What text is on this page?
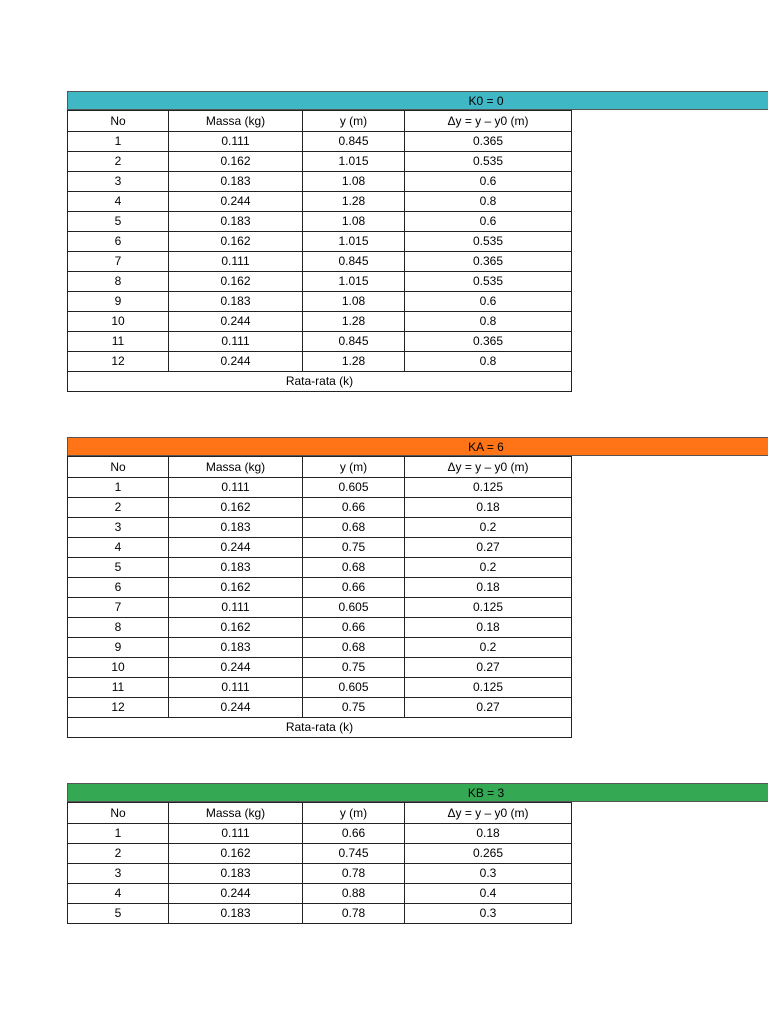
K0 = 0
No	Massa (kg)	y (m)	Δy = y – y0 (m)
1	0.111	0.845	0.365
2	0.162	1.015	0.535
3	0.183	1.08	0.6
4	0.244	1.28	0.8
5	0.183	1.08	0.6
6	0.162	1.015	0.535
7	0.111	0.845	0.365
8	0.162	1.015	0.535
9	0.183	1.08	0.6
10	0.244	1.28	0.8
11	0.111	0.845	0.365
12	0.244	1.28	0.8
Rata-rata (k)			
KA = 6
No	Massa (kg)	y (m)	Δy = y – y0 (m)
1	0.111	0.605	0.125
2	0.162	0.66	0.18
3	0.183	0.68	0.2
4	0.244	0.75	0.27
5	0.183	0.68	0.2
6	0.162	0.66	0.18
7	0.111	0.605	0.125
8	0.162	0.66	0.18
9	0.183	0.68	0.2
10	0.244	0.75	0.27
11	0.111	0.605	0.125
12	0.244	0.75	0.27
Rata-rata (k)			
KB = 3
No	Massa (kg)	y (m)	Δy = y – y0 (m)
1	0.111	0.66	0.18
2	0.162	0.745	0.265
3	0.183	0.78	0.3
4	0.244	0.88	0.4
5	0.183	0.78	0.3
